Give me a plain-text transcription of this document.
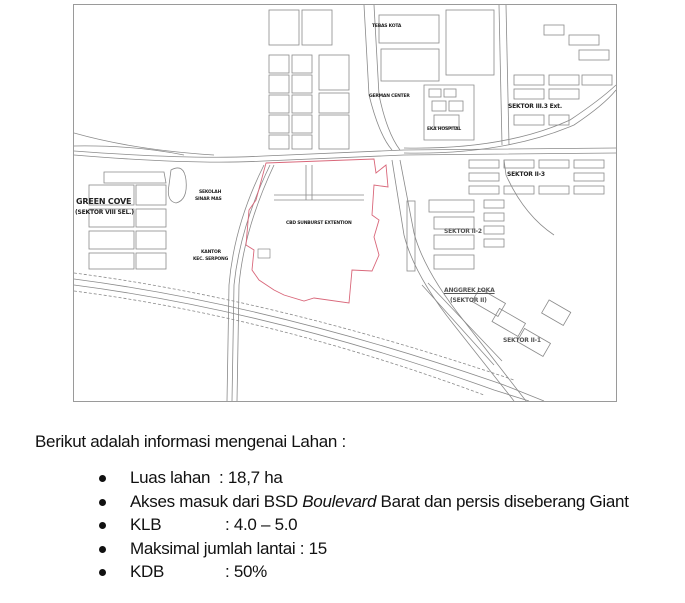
TEBAS KOTA
GERMAN CENTER
EKA HOSPITAL
SEKTOR III.3 Ext.
SEKTOR II-3
GREEN COVE
(SEKTOR VIII SEL.)
SEKOLAH
SINAR MAS
KANTOR
KEC. SERPONG
CBD SUNBURST EXTENTION
SEKTOR II-2
ANGGREK LOKA
(SEKTOR II)
SEKTOR II-1
Berikut adalah informasi mengenai Lahan :
Luas lahan  : 18,7 ha
Akses masuk dari BSD Boulevard Barat dan persis diseberang Giant
KLB	: 4.0 – 5.0
Maksimal jumlah lantai : 15
KDB	: 50%
